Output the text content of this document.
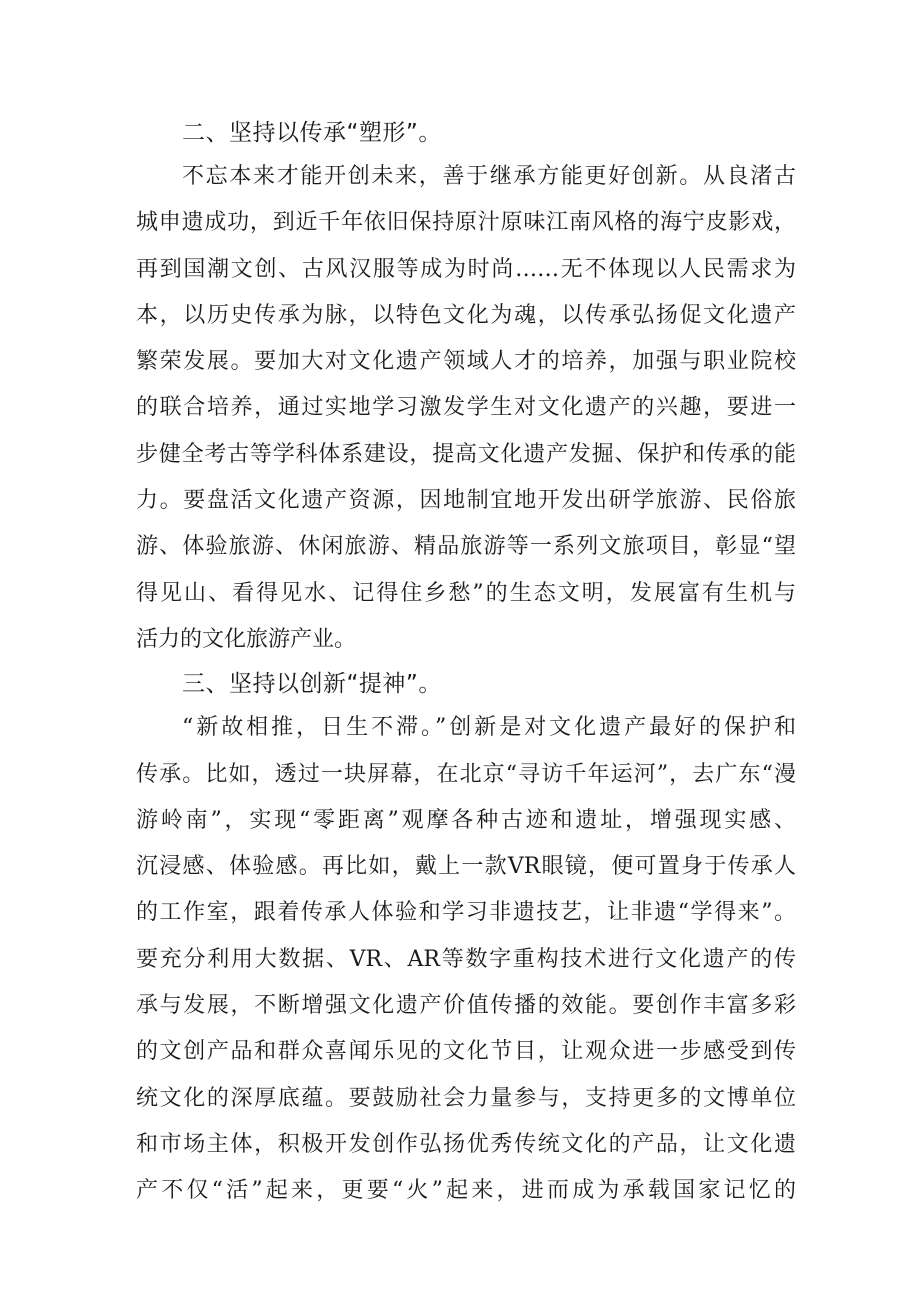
二、坚持以传承“塑形”。
不忘本来才能开创未来，善于继承方能更好创新。从良渚古
城申遗成功，到近千年依旧保持原汁原味江南风格的海宁皮影戏，
再到国潮文创、古风汉服等成为时尚……无不体现以人民需求为
本，以历史传承为脉，以特色文化为魂，以传承弘扬促文化遗产
繁荣发展。要加大对文化遗产领域人才的培养，加强与职业院校
的联合培养，通过实地学习激发学生对文化遗产的兴趣，要进一
步健全考古等学科体系建设，提高文化遗产发掘、保护和传承的能
力。要盘活文化遗产资源，因地制宜地开发出研学旅游、民俗旅
游、体验旅游、休闲旅游、精品旅游等一系列文旅项目，彰显“望
得见山、看得见水、记得住乡愁”的生态文明，发展富有生机与
活力的文化旅游产业。
三、坚持以创新“提神”。
“新故相推，日生不滞。”创新是对文化遗产最好的保护和
传承。比如，透过一块屏幕，在北京“寻访千年运河”，去广东“漫
游岭南”，实现“零距离”观摩各种古迹和遗址，增强现实感、
沉浸感、体验感。再比如，戴上一款VR眼镜，便可置身于传承人
的工作室，跟着传承人体验和学习非遗技艺，让非遗“学得来”。
要充分利用大数据、VR、AR等数字重构技术进行文化遗产的传
承与发展，不断增强文化遗产价值传播的效能。要创作丰富多彩
的文创产品和群众喜闻乐见的文化节目，让观众进一步感受到传
统文化的深厚底蕴。要鼓励社会力量参与，支持更多的文博单位
和市场主体，积极开发创作弘扬优秀传统文化的产品，让文化遗
产不仅“活”起来，更要“火”起来，进而成为承载国家记忆的
